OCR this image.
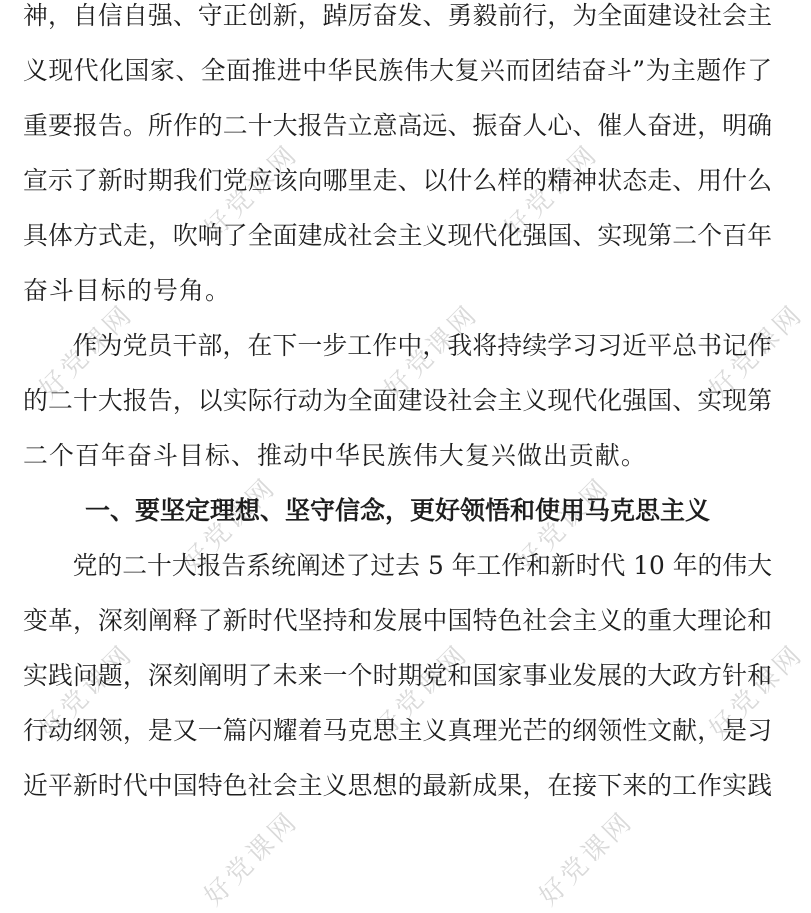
好党课网	好党课网
好党课网	好党课网	好党课网
好党课网	好党课网
好党课网	好党课网	好党课网
好党课网	好党课网
神，自信自强、守正创新，踔厉奋发、勇毅前行，为全面建设社会主
义现代化国家、全面推进中华民族伟大复兴而团结奋斗”为主题作了
重要报告。所作的二十大报告立意高远、振奋人心、催人奋进，明确
宣示了新时期我们党应该向哪里走、以什么样的精神状态走、用什么
具体方式走，吹响了全面建成社会主义现代化强国、实现第二个百年
奋斗目标的号角。
作为党员干部，在下一步工作中，我将持续学习习近平总书记作
的二十大报告，以实际行动为全面建设社会主义现代化强国、实现第
二个百年奋斗目标、推动中华民族伟大复兴做出贡献。
一、要坚定理想、坚守信念，更好领悟和使用马克思主义
党的二十大报告系统阐述了过去 5 年工作和新时代 10 年的伟大
变革，深刻阐释了新时代坚持和发展中国特色社会主义的重大理论和
实践问题，深刻阐明了未来一个时期党和国家事业发展的大政方针和
行动纲领，是又一篇闪耀着马克思主义真理光芒的纲领性文献，是习
近平新时代中国特色社会主义思想的最新成果，在接下来的工作实践
